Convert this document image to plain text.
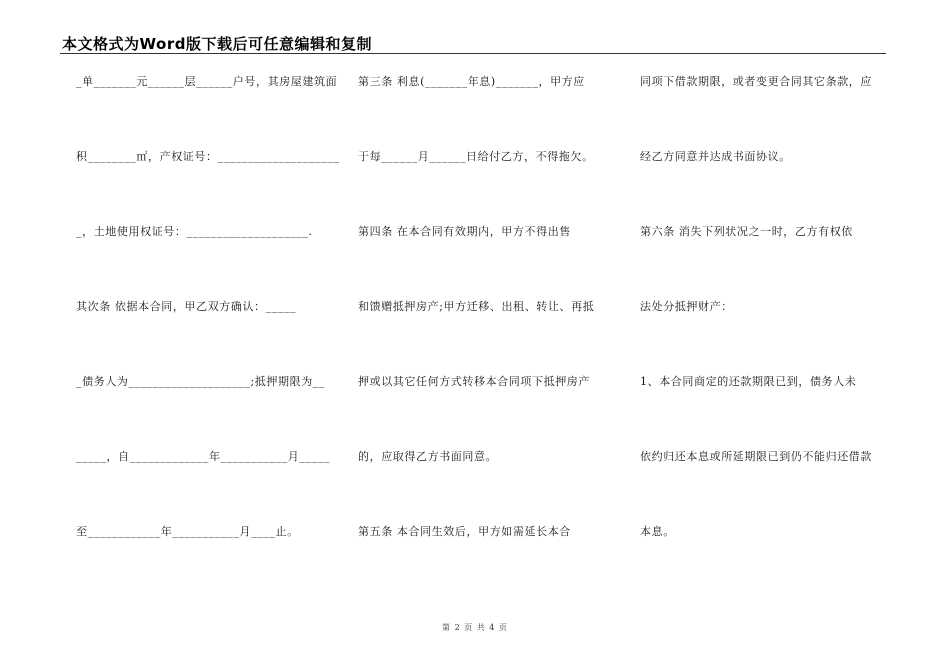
本文格式为Word版下载后可任意编辑和复制
_单_______元______层______户号，其房屋建筑面
积________㎡，产权证号：____________________
_，土地使用权证号：____________________.
其次条 依据本合同，甲乙双方确认：_____
_债务人为____________________;抵押期限为__
_____，自_____________年___________月_____
至____________年___________月____止。
第三条 利息(_______年息)_______，甲方应
于每______月______日给付乙方，不得拖欠。
第四条 在本合同有效期内，甲方不得出售
和馈赠抵押房产;甲方迁移、出租、转让、再抵
押或以其它任何方式转移本合同项下抵押房产
的，应取得乙方书面同意。
第五条 本合同生效后，甲方如需延长本合
同项下借款期限，或者变更合同其它条款，应
经乙方同意并达成书面协议。
第六条 消失下列状况之一时，乙方有权依
法处分抵押财产：
1、本合同商定的还款期限已到，债务人未
依约归还本息或所延期限已到仍不能归还借款
本息。
第 2 页 共 4 页
